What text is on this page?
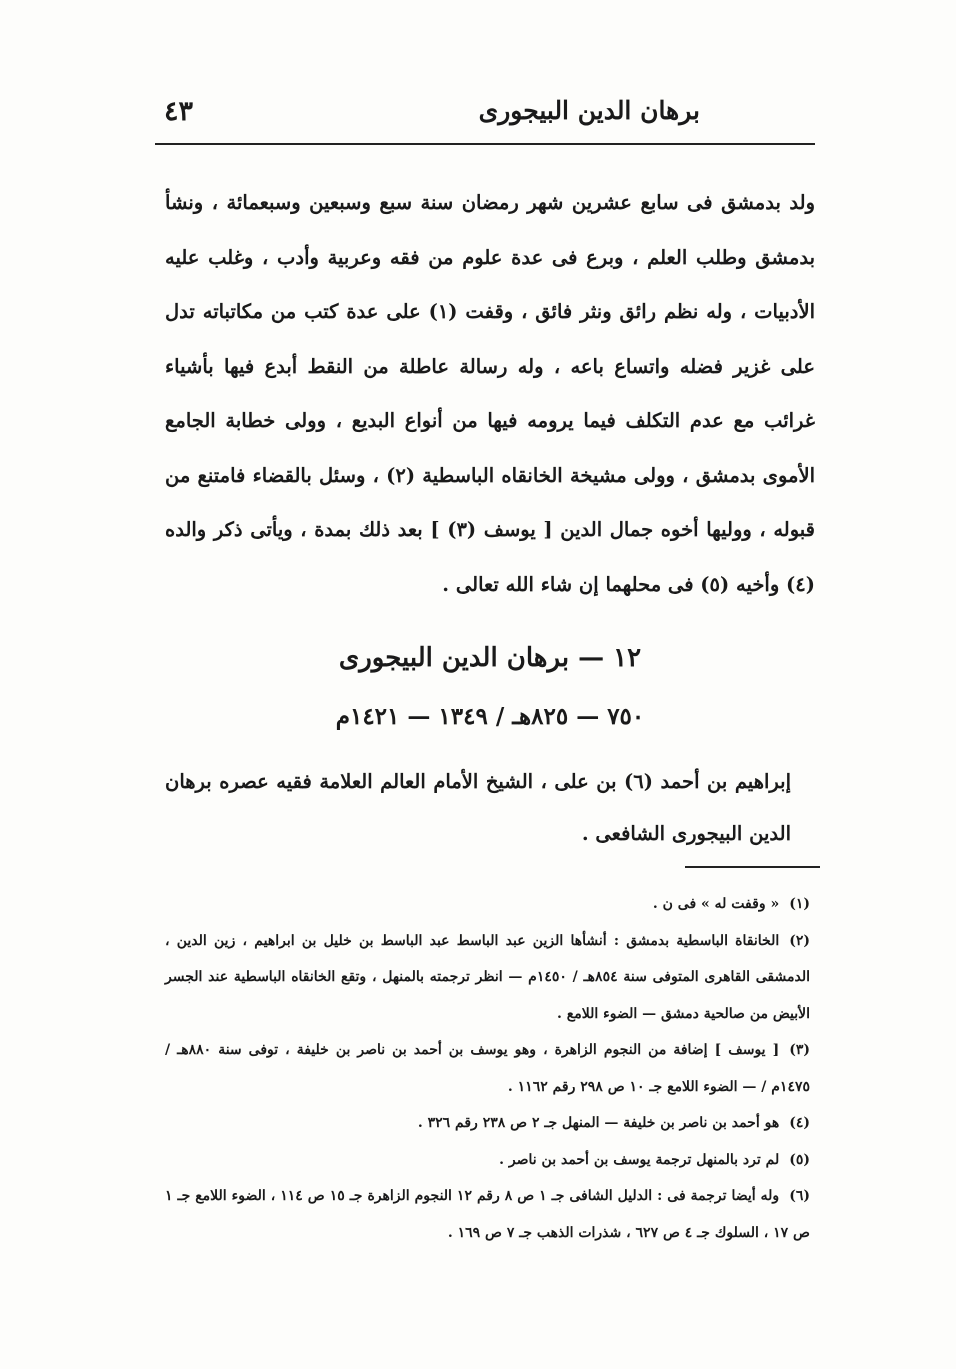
برهان الدين البيجورى
٤٣

ولد بدمشق فى سابع عشرين شهر رمضان سنة سبع وسبعين وسبعمائة ، ونشأ بدمشق وطلب العلم ، وبرع فى عدة علوم من فقه وعربية وأدب ، وغلب عليه الأدبيات ، وله نظم رائق ونثر فائق ، وقفت (١) على عدة كتب من مكاتباته تدل على غزير فضله واتساع باعه ، وله رسالة عاطلة من النقط أبدع فيها بأشياء غرائب مع عدم التكلف فيما يرومه فيها من أنواع البديع ، وولى خطابة الجامع الأموى بدمشق ، وولى مشيخة الخانقاه الباسطية (٢) ، وسئل بالقضاء فامتنع من قبوله ، ووليها أخوه جمال الدين [ يوسف (٣) ] بعد ذلك بمدة ، ويأتى ذكر والده (٤) وأخيه (٥) فى محلهما إن شاء الله تعالى .

١٢ — برهان الدين البيجورى
٧٥٠ — ٨٢٥هـ / ١٣٤٩ — ١٤٢١م

إبراهيم بن أحمد (٦) بن على ، الشيخ الأمام العالم العلامة فقيه عصره برهان الدين البيجورى الشافعى .

(١)« وقفت له » فى ن .

(٢)الخانقاة الباسطية بدمشق : أنشأها الزين عبد الباسط عبد الباسط بن خليل بن ابراهيم ، زين الدين ، الدمشقى القاهرى المتوفى سنة ٨٥٤هـ / ١٤٥٠م — انظر ترجمته بالمنهل ، وتقع الخانقاه الباسطية عند الجسر الأبيض من صالحية دمشق — الضوء اللامع .

(٣)[ يوسف ] إضافة من النجوم الزاهرة ، وهو يوسف بن أحمد بن ناصر بن خليفة ، توفى سنة ٨٨٠هـ / ١٤٧٥م / — الضوء اللامع جـ ١٠ ص ٢٩٨ رقم ١١٦٢ .

(٤)هو أحمد بن ناصر بن خليفة — المنهل جـ ٢ ص ٢٣٨ رقم ٣٢٦ .

(٥)لم ترد بالمنهل ترجمة يوسف بن أحمد بن ناصر .

(٦)وله أيضا ترجمة فى : الدليل الشافى جـ ١ ص ٨ رقم ١٢ النجوم الزاهرة جـ ١٥ ص ١١٤ ، الضوء اللامع جـ ١ ص ١٧ ، السلوك جـ ٤ ص ٦٢٧ ، شذرات الذهب جـ ٧ ص ١٦٩ .
